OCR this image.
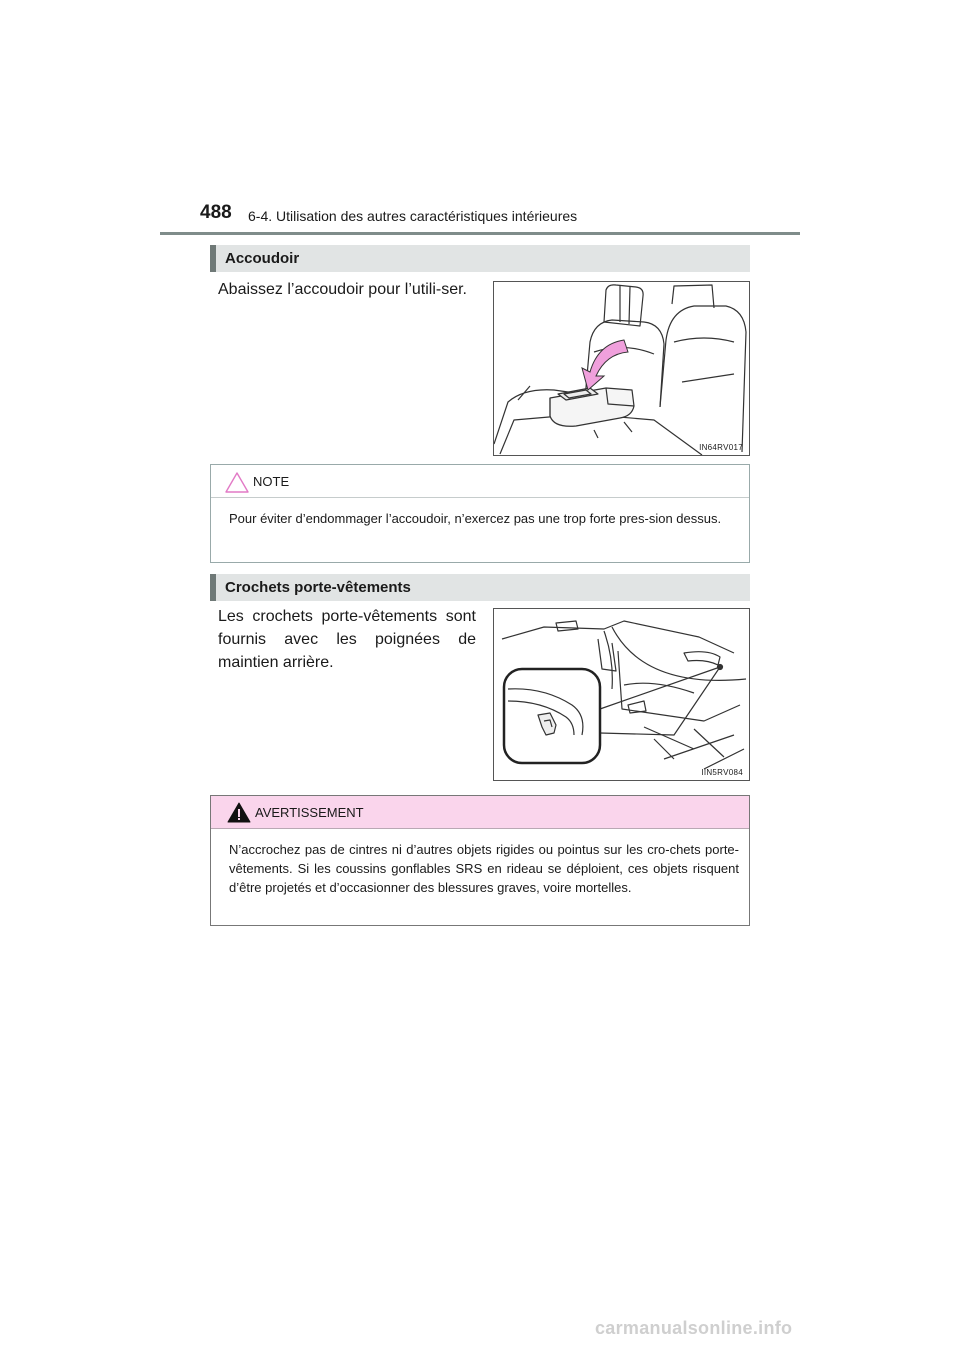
488 6-4. Utilisation des autres caractéristiques intérieures
Accoudoir
Abaissez l’accoudoir pour l’utili-ser.
IN64RV017
NOTE
Pour éviter d’endommager l’accoudoir, n’exercez pas une trop forte pres-sion dessus.
Crochets porte-vêtements
Les crochets porte-vêtements sont fournis avec les poignées de maintien arrière.
IIN5RV084
AVERTISSEMENT
N’accrochez pas de cintres ni d’autres objets rigides ou pointus sur les cro-chets porte-vêtements. Si les coussins gonflables SRS en rideau se déploient, ces objets risquent d’être projetés et d’occasionner des blessures graves, voire mortelles.
carmanualsonline.info
